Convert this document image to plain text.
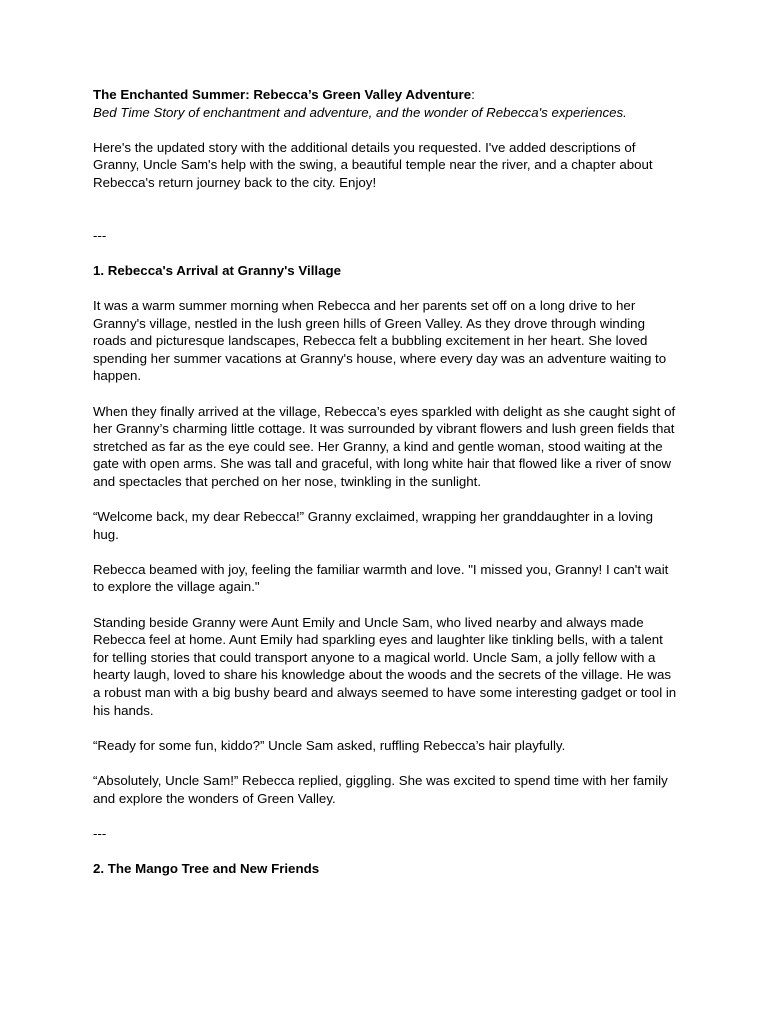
The Enchanted Summer: Rebecca’s Green Valley Adventure:

Bed Time Story of enchantment and adventure, and the wonder of Rebecca's experiences.

Here's the updated story with the additional details you requested. I've added descriptions of Granny, Uncle Sam's help with the swing, a beautiful temple near the river, and a chapter about Rebecca's return journey back to the city. Enjoy!

---

1. Rebecca's Arrival at Granny's Village

It was a warm summer morning when Rebecca and her parents set off on a long drive to her Granny's village, nestled in the lush green hills of Green Valley. As they drove through winding roads and picturesque landscapes, Rebecca felt a bubbling excitement in her heart. She loved spending her summer vacations at Granny's house, where every day was an adventure waiting to happen.

When they finally arrived at the village, Rebecca’s eyes sparkled with delight as she caught sight of her Granny’s charming little cottage. It was surrounded by vibrant flowers and lush green fields that stretched as far as the eye could see. Her Granny, a kind and gentle woman, stood waiting at the gate with open arms. She was tall and graceful, with long white hair that flowed like a river of snow and spectacles that perched on her nose, twinkling in the sunlight.

“Welcome back, my dear Rebecca!” Granny exclaimed, wrapping her granddaughter in a loving hug.

Rebecca beamed with joy, feeling the familiar warmth and love. "I missed you, Granny! I can't wait to explore the village again."

Standing beside Granny were Aunt Emily and Uncle Sam, who lived nearby and always made Rebecca feel at home. Aunt Emily had sparkling eyes and laughter like tinkling bells, with a talent for telling stories that could transport anyone to a magical world. Uncle Sam, a jolly fellow with a hearty laugh, loved to share his knowledge about the woods and the secrets of the village. He was a robust man with a big bushy beard and always seemed to have some interesting gadget or tool in his hands.

“Ready for some fun, kiddo?” Uncle Sam asked, ruffling Rebecca’s hair playfully.

“Absolutely, Uncle Sam!” Rebecca replied, giggling. She was excited to spend time with her family and explore the wonders of Green Valley.

---

2. The Mango Tree and New Friends
